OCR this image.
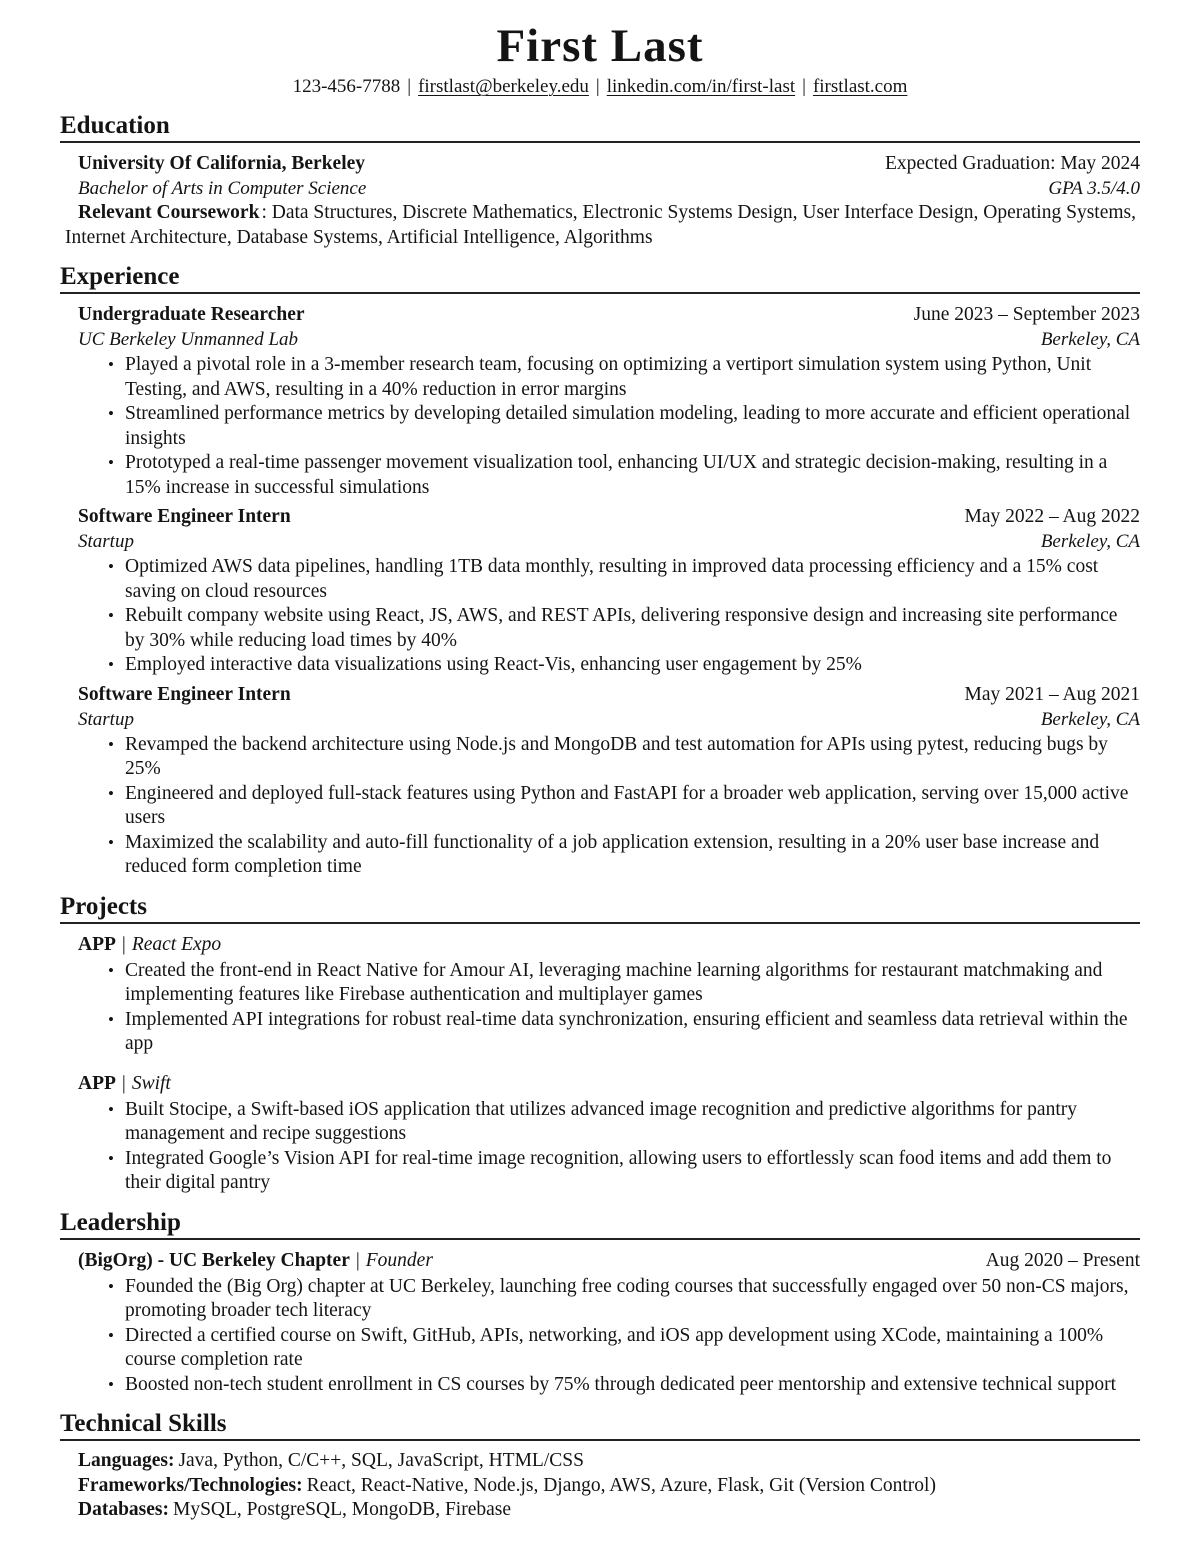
First Last
123-456-7788 | firstlast@berkeley.edu | linkedin.com/in/first-last | firstlast.com
Education
University Of California, Berkeley	Expected Graduation: May 2024
Bachelor of Arts in Computer Science	GPA 3.5/4.0

Relevant Coursework : Data Structures, Discrete Mathematics, Electronic Systems Design, User Interface Design, Operating Systems, Internet Architecture, Database Systems, Artificial Intelligence, Algorithms

Experience
Undergraduate Researcher	June 2023 – September 2023
UC Berkeley Unmanned Lab	Berkeley, CA
• Played a pivotal role in a 3-member research team, focusing on optimizing a vertiport simulation system using Python, Unit Testing, and AWS, resulting in a 40% reduction in error margins
• Streamlined performance metrics by developing detailed simulation modeling, leading to more accurate and efficient operational insights
• Prototyped a real-time passenger movement visualization tool, enhancing UI/UX and strategic decision-making, resulting in a 15% increase in successful simulations
Software Engineer Intern	May 2022 – Aug 2022
Startup	Berkeley, CA
• Optimized AWS data pipelines, handling 1TB data monthly, resulting in improved data processing efficiency and a 15% cost saving on cloud resources
• Rebuilt company website using React, JS, AWS, and REST APIs, delivering responsive design and increasing site performance by 30% while reducing load times by 40%
• Employed interactive data visualizations using React-Vis, enhancing user engagement by 25%
Software Engineer Intern	May 2021 – Aug 2021
Startup	Berkeley, CA
• Revamped the backend architecture using Node.js and MongoDB and test automation for APIs using pytest, reducing bugs by 25%
• Engineered and deployed full-stack features using Python and FastAPI for a broader web application, serving over 15,000 active users
• Maximized the scalability and auto-fill functionality of a job application extension, resulting in a 20% user base increase and reduced form completion time
Projects
APP | React Expo
• Created the front-end in React Native for Amour AI, leveraging machine learning algorithms for restaurant matchmaking and implementing features like Firebase authentication and multiplayer games
• Implemented API integrations for robust real-time data synchronization, ensuring efficient and seamless data retrieval within the app
APP | Swift
• Built Stocipe, a Swift-based iOS application that utilizes advanced image recognition and predictive algorithms for pantry management and recipe suggestions
• Integrated Google’s Vision API for real-time image recognition, allowing users to effortlessly scan food items and add them to their digital pantry
Leadership
(BigOrg) - UC Berkeley Chapter | Founder	Aug 2020 – Present
• Founded the (Big Org) chapter at UC Berkeley, launching free coding courses that successfully engaged over 50 non-CS majors, promoting broader tech literacy
• Directed a certified course on Swift, GitHub, APIs, networking, and iOS app development using XCode, maintaining a 100% course completion rate
• Boosted non-tech student enrollment in CS courses by 75% through dedicated peer mentorship and extensive technical support
Technical Skills

Languages: Java, Python, C/C++, SQL, JavaScript, HTML/CSS

Frameworks/Technologies: React, React-Native, Node.js, Django, AWS, Azure, Flask, Git (Version Control)

Databases: MySQL, PostgreSQL, MongoDB, Firebase
